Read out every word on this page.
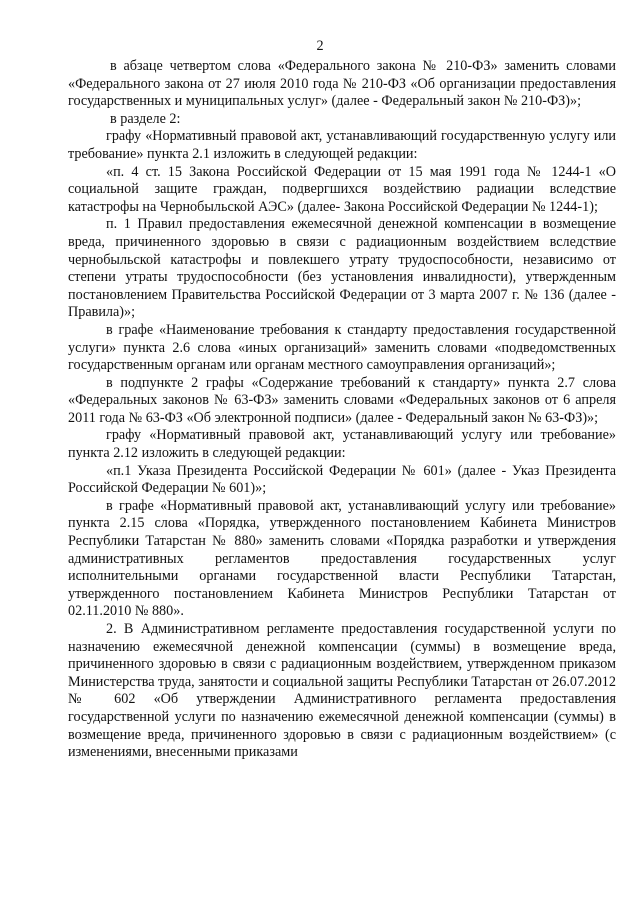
2

в абзаце четвертом слова «Федерального закона № 210-ФЗ» заменить словами «Федерального закона от 27 июля 2010 года № 210-ФЗ «Об организации предоставления государственных и муниципальных услуг» (далее - Федеральный закон № 210-ФЗ)»;

в разделе 2:

графу «Нормативный правовой акт, устанавливающий государственную услугу или требование» пункта 2.1 изложить в следующей редакции:

«п. 4 ст. 15 Закона Российской Федерации от 15 мая 1991 года № 1244-1 «О социальной защите граждан, подвергшихся воздействию радиации вследствие катастрофы на Чернобыльской АЭС» (далее- Закона Российской Федерации № 1244-1);

п. 1 Правил предоставления ежемесячной денежной компенсации в возмещение вреда, причиненного здоровью в связи с радиационным воздействием вследствие чернобыльской катастрофы и повлекшего утрату трудоспособности, независимо от степени утраты трудоспособности (без установления инвалидности), утвержденным постановлением Правительства Российской Федерации от 3 марта 2007 г. № 136 (далее - Правила)»;

в графе «Наименование требования к стандарту предоставления государственной услуги» пункта 2.6 слова «иных организаций» заменить словами «подведомственных государственным органам или органам местного самоуправления организаций»;

в подпункте 2 графы «Содержание требований к стандарту» пункта 2.7 слова «Федеральных законов № 63-ФЗ» заменить словами «Федеральных законов от 6 апреля 2011 года № 63-ФЗ «Об электронной подписи» (далее - Федеральный закон № 63-ФЗ)»;

графу «Нормативный правовой акт, устанавливающий услугу или требование» пункта 2.12 изложить в следующей редакции:

«п.1 Указа Президента Российской Федерации № 601» (далее - Указ Президента Российской Федерации № 601)»;

в графе «Нормативный правовой акт, устанавливающий услугу или требование» пункта 2.15 слова «Порядка, утвержденного постановлением Кабинета Министров Республики Татарстан № 880» заменить словами «Порядка разработки и утверждения административных регламентов предоставления государственных услуг исполнительными органами государственной власти Республики Татарстан, утвержденного постановлением Кабинета Министров Республики Татарстан от 02.11.2010 № 880».

2. В Административном регламенте предоставления государственной услуги по назначению ежемесячной денежной компенсации (суммы) в возмещение вреда, причиненного здоровью в связи с радиационным воздействием, утвержденном приказом Министерства труда, занятости и социальной защиты Республики Татарстан от 26.07.2012 № 602 «Об утверждении Административного регламента предоставления государственной услуги по назначению ежемесячной денежной компенсации (суммы) в возмещение вреда, причиненного здоровью в связи с радиационным воздействием» (с изменениями, внесенными приказами
